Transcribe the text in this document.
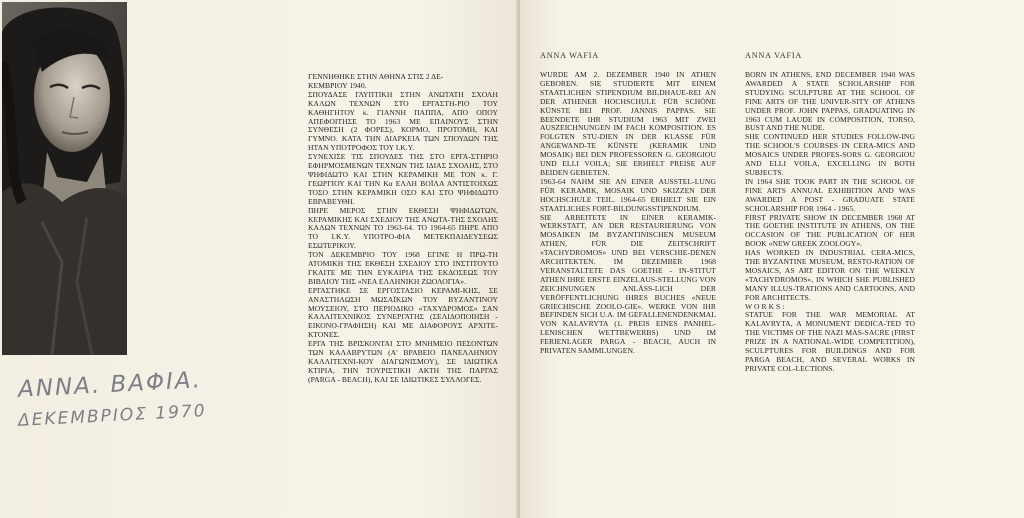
ΑΝΝΑ. ΒΑΦΙΑ.
ΔΕΚΕΜΒΡΙΟΣ 1970
ΓΕΝΝΗΘΗΚΕ ΣΤΗΝ ΑΘΗΝΑ ΣΤΙΣ 2 ΔΕ-
ΚΕΜΒΡΙΟΥ 1940.
ΣΠΟΥΔΑΣΕ ΓΛΥΠΤΙΚΗ ΣΤΗΝ ΑΝΩΤΑΤΗ ΣΧΟΛΗ ΚΑΛΩΝ ΤΕΧΝΩΝ ΣΤΟ ΕΡΓΑΣΤΗ-ΡΙΟ ΤΟΥ ΚΑΘΗΓΗΤΟΥ κ. ΓΙΑΝΝΗ ΠΑΠΠΑ, ΑΠΟ ΟΠΟΥ ΑΠΕΦΟΙΤΗΣΕ ΤΟ 1963 ΜΕ ΕΠΑΙΝΟΥΣ ΣΤΗΝ ΣΥΝΘΕΣΗ (2 ΦΟΡΕΣ), ΚΟΡΜΟ, ΠΡΟΤΟΜΗ, ΚΑΙ ΓΥΜΝΟ. ΚΑΤΑ ΤΗΝ ΔΙΑΡΚΕΙΑ ΤΩΝ ΣΠΟΥΔΩΝ ΤΗΣ ΗΤΑΝ ΥΠΟΤΡΟΦΟΣ ΤΟΥ Ι.Κ.Υ.
ΣΥΝΕΧΙΣΕ ΤΙΣ ΣΠΟΥΔΕΣ ΤΗΣ ΣΤΟ ΕΡΓΑ-ΣΤΗΡΙΟ ΕΦΗΡΜΟΣΜΕΝΩΝ ΤΕΧΝΩΝ ΤΗΣ ΙΔΙΑΣ ΣΧΟΛΗΣ, ΣΤΟ ΨΗΦΙΔΩΤΟ ΚΑΙ ΣΤΗΝ ΚΕΡΑΜΙΚΗ ΜΕ ΤΟΝ κ. Γ. ΓΕΩΡΓΙΟΥ ΚΑΙ ΤΗΝ Κα ΕΛΛΗ ΒΟΪΛΑ ΑΝΤΙΣΤΟΙΧΩΣ ΤΟΣΟ ΣΤΗΝ ΚΕΡΑΜΙΚΗ ΟΣΟ ΚΑΙ ΣΤΟ ΨΗΦΙΔΩΤΟ ΕΒΡΑΒΕΥΘΗ.
ΠΗΡΕ ΜΕΡΟΣ ΣΤΗΝ ΕΚΘΕΣΗ ΨΗΦΙΔΩΤΩΝ, ΚΕΡΑΜΙΚΗΣ ΚΑΙ ΣΧΕΔΙΟΥ ΤΗΣ ΑΝΩΤΑ-ΤΗΣ ΣΧΟΛΗΣ ΚΑΛΩΝ ΤΕΧΝΩΝ ΤΟ 1963-64. ΤΟ 1964-65 ΠΗΡΕ ΑΠΟ ΤΟ Ι.Κ.Υ. ΥΠΟΤΡΟ-ΦΙΑ ΜΕΤΕΚΠΑΙΔΕΥΣΕΩΣ ΕΣΩΤΕΡΙΚΟΥ.
ΤΟΝ ΔΕΚΕΜΒΡΙΟ ΤΟΥ 1968 ΕΓΙΝΕ Η ΠΡΩ-ΤΗ ΑΤΟΜΙΚΗ ΤΗΣ ΕΚΘΕΣΗ ΣΧΕΔΙΟΥ ΣΤΟ ΙΝΣΤΙΤΟΥΤΟ ΓΚΑΙΤΕ ΜΕ ΤΗΝ ΕΥΚΑΙΡΙΑ ΤΗΣ ΕΚΔΟΣΕΩΣ ΤΟΥ ΒΙΒΛΙΟΥ ΤΗΣ «ΝΕΑ ΕΛΛΗΝΙΚΗ ΖΩΟΛΟΓΙΑ».
ΕΡΓΑΣΤΗΚΕ ΣΕ ΕΡΓΟΣΤΑΣΙΟ ΚΕΡΑΜΙ-ΚΗΣ, ΣΕ ΑΝΑΣΤΗΛΩΣΗ ΜΩΣΑΪΚΩΝ ΤΟΥ ΒΥΖΑΝΤΙΝΟΥ ΜΟΥΣΕΙΟΥ, ΣΤΟ ΠΕΡΙΟΔΙΚΟ «ΤΑΧΥΔΡΟΜΟΣ» ΣΑΝ ΚΑΛΛΙΤΕΧΝΙΚΟΣ ΣΥΝΕΡΓΑΤΗΣ (ΣΕΛΙΔΟΠΟΙΗΣΗ - ΕΙΚΟΝΟ-ΓΡΑΦΗΣΗ) ΚΑΙ ΜΕ ΔΙΑΦΟΡΟΥΣ ΑΡΧΙΤΕ-ΚΤΟΝΕΣ.
ΕΡΓΑ ΤΗΣ ΒΡΙΣΚΟΝΤΑΙ ΣΤΟ ΜΝΗΜΕΙΟ ΠΕΣΟΝΤΩΝ ΤΩΝ ΚΑΛΑΒΡΥΤΩΝ (Α' ΒΡΑΒΕΙΟ ΠΑΝΕΛΛΗΝΙΟΥ ΚΑΛΛΙΤΕΧΝΙ-ΚΟΥ ΔΙΑΓΩΝΙΣΜΟΥ), ΣΕ ΙΔΙΩΤΙΚΑ ΚΤΙΡΙΑ, ΤΗΝ ΤΟΥΡΙΣΤΙΚΗ ΑΚΤΗ ΤΗΣ ΠΑΡΓΑΣ (PARGA - BEACH), ΚΑΙ ΣΕ ΙΔΙΩΤΙΚΕΣ ΣΥΛΛΟΓΕΣ.
ANNA WAFIA
WURDE AM 2. DEZEMBER 1940 IN ATHEN GEBOREN. SIE STUDIERTE MIT EINEM STAATLICHEN STIPENDIUM BILDHAUE-REI AN DER ATHENER HOCHSCHULE FÜR SCHÖNE KÜNSTE BEI PROF. JANNIS PAPPAS. SIE BEENDETE IHR STUDIUM 1963 MIT ZWEI AUSZEICHNUNGEN IM FACH KOMPOSITION. ES FOLGTEN STU-DIEN IN DER KLASSE FÜR ANGEWAND-TE KÜNSTE (KERAMIK UND MOSAIK) BEI DEN PROFESSOREN G. GEORGIOU UND ELLI VOILA; SIE ERHIELT PREISE AUF BEIDEN GEBIETEN.
1963-64 NAHM SIE AN EINER AUSSTEL-LUNG FÜR KERAMIK, MOSAIK UND SKIZZEN DER HOCHSCHULE TEIL. 1964-65 ERHIELT SIE EIN STAATLICHES FORT-BILDUNGSSTIPENDIUM.
SIE ARBEITETE IN EINER KERAMIK-WERKSTATT, AN DER RESTAURIERUNG VON MOSAIKEN IM BYZANTINISCHEN MUSEUM ATHEN, FÜR DIE ZEITSCHRIFT «TACHYDROMOS» UND BEI VERSCHIE-DENEN ARCHITEKTEN. IM DEZEMBER 1968 VERANSTALTETE DAS GOETHE - IN-STITUT ATHEN IHRE ERSTE EINZELAUS-STELLUNG VON ZEICHNUNGEN ANLÄSS-LICH DER VERÖFFENTLICHUNG IHRES BUCHES «NEUE GRIECHISCHE ZOOLO-GIE». WERKE VON IHR BEFINDEN SICH U.A. IM GEFALLENENDENKMAL VON KALAVRYTA (1. PREIS EINES PANHEL-LENISCHEN WETTBEWERBS) UND IM FERIENLAGER PARGA - BEACH, AUCH IN PRIVATEN SAMMLUNGEN.
ANNA VAFIA
BORN IN ATHENS, END DECEMBER 1940 WAS AWARDED A STATE SCHOLARSHIP FOR STUDYING SCULPTURE AT THE SCHOOL OF FINE ARTS OF THE UNIVER-SITY OF ATHENS UNDER PROF. JOHN PAPPAS, GRADUATING IN 1963 CUM LAUDE IN COMPOSITION, TORSO, BUST AND THE NUDE.
SHE CONTINUED HER STUDIES FOLLOW-ING THE SCHOOL'S COURSES IN CERA-MICS AND MOSAICS UNDER PROFES-SORS G. GEORGIOU AND ELLI VOILA, EXCELLING IN BOTH SUBJECTS.
IN 1964 SHE TOOK PART IN THE SCHOOL OF FINE ARTS ANNUAL EXHIBITION AND WAS AWARDED A POST - GRADUATE STATE SCHOLARSHIP FOR 1964 - 1965.
FIRST PRIVATE SHOW IN DECEMBER 1968 AT THE GOETHE INSTITUTE IN ATHENS, ON THE OCCASION OF THE PUBLICATION OF HER BOOK «NEW GREEK ZOOLOGY».
HAS WORKED IN INDUSTRIAL CERA-MICS, THE BYZANTINE MUSEUM, RESTO-RATION OF MOSAICS, AS ART EDITOR ON THE WEEKLY «TACHYDROMOS», IN WHICH SHE PUBLISHED MANY ILLUS-TRATIONS AND CARTOONS, AND FOR ARCHITECTS.
W O R K S :
STATUE FOR THE WAR MEMORIAL AT KALAVRYTA, A MONUMENT DEDICA-TED TO THE VICTIMS OF THE NAZI MAS-SACRE (FIRST PRIZE IN A NATIONAL-WIDE COMPETITION), SCULPTURES FOR BUILDINGS AND FOR PARGA BEACH, AND SEVERAL WORKS IN PRIVATE COL-LECTIONS.
